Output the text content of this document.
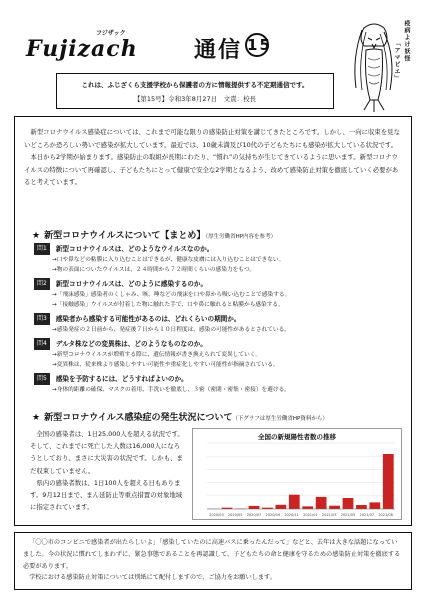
Fujizach
フジザック
通信 15
これは、ふじざくら支援学校から保護者の方に情報提供する不定期通信です。
【第15号】令和3年8月27日　文責：校長
疫病よけ妖怪
「アマビエ」

新型コロナウイルス感染症については、これまで可能な限りの感染防止対策を講じてきたところです。しかし、一向に収束を見ないどころか恐ろしい勢いで感染が拡大しています。最近では、10歳未満及び10代の子どもたちにも感染が拡大している状況です。

本日から2学期が始まります。感染防止の取組が長期にわたり、“慣れ”の気持ちが生じてきているように思います。新型コロナウイルスの特徴について再確認し、子どもたちにとって健康で安全な2学期となるよう、改めて感染防止対策を徹底していく必要があると考えています。

★ 新型コロナウイルスについて【まとめ】（厚生労働省HP内容を参考）
問1	新型コロナウイルスは、どのようなウイルスなのか。
→口や鼻などの粘膜に入り込むことはできるが、健康な皮膚には入り込むことはできない。
→物の表面についたウイルスは、２４時間から７２時間くらいの感染力をもつ。
問2	新型コロナウイルスは、どのように感染するのか。
→「飛沫感染」感染者のくしゃみ、咳、唾などの飛沫を口や鼻から吸い込むことで感染する。
→「接触感染」ウイルスが付着した物に触れた手で、口や鼻に触れると粘膜から感染する。
問3	感染者から感染する可能性があるのは、どれくらいの期間か。
→感染発症の２日前から、発症後７日から１０日程度は、感染の可能性があるとされている。
問4	デルタ株などの変異株は、どのようなものなのか。
→新型コロナウイルスが増殖する際に、遺伝情報が書き換えられて変異していく。
→変異株は、従来株より感染しやすい可能性や重症化しやすい可能性が指摘されている。
問5	感染を予防するには、どうすればよいのか。
→身体的距離の確保、マスクの着用、手洗いを徹底し、３密（密閉・密集・密接）を避ける。
★ 新型コロナウイルス感染症の発生状況について（下グラフは厚生労働省HP資料から）

全国の感染者は、1日25,000人を超える状況です。そして、これまでに死亡した人数は16,000人になろうとしており、まさに大災害の状況です。しかも、まだ収束していません。

県内の感染者数は、1日100人を超える日もあります。9月12日まで、まん延防止等重点措置の対象地域に指定されています。

全国の新規陽性者数の推移
2020/03 2020/05 2020/07 2020/09 2020/11 2021/01 2021/03 2021/05 2021/07 2021/08

「〇〇市のコンビニで感染者が出たらしいよ」「感染していたのに高速バスに乗ったんだって」などと、去年は大きな話題になっていました。今の状況に慣れてしまわずに、緊急事態であることを再認識して、子どもたちの命と健康を守るための感染防止対策を徹底する必要があります。

学校における感染防止対策については別紙にて配付しますので、ご協力をお願いします。
